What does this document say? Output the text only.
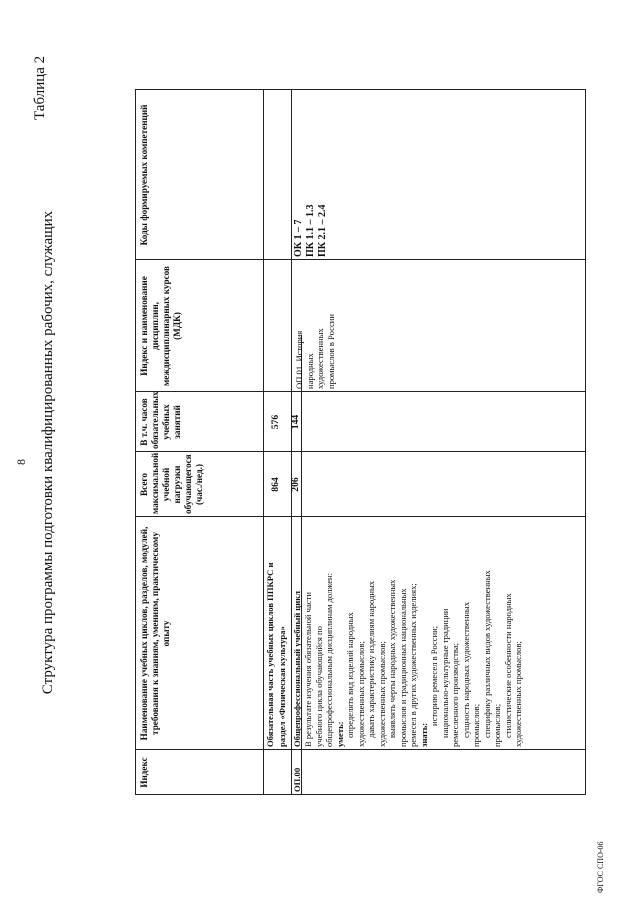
8
Таблица 2
Структура программы подготовки квалифицированных рабочих, служащих
ФГОС СПО-06
Индекс
Наименование учебных циклов, разделов, модулей, требования к знаниям, умениям, практическому опыту
Всего максимальной учебной нагрузки обучающегося (час./нед.)
В т.ч. часов обязательных учебных занятий
Индекс и наименование дисциплин, междисциплинарных курсов (МДК)
Коды формируемых компетенций
Обязательная часть учебных циклов ППКРС и раздел «Физическая культура»
864
576
ОП.00
Общепрофессиональный учебный цикл
206
144
В результате изучения обязательной части учебного цикла обучающийся по общепрофессиональным дисциплинам должен: уметь: определять вид изделий народных художественных промыслов; давать характеристику изделиям народных художественных промыслов; выявлять черты народных художественных промыслов и традиционных национальных ремесел в других художественных изделиях; знать:
историю ремесел в России; национально-культурные традиции ремесленного производства; сущность народных художественных промыслов; специфику различных видов художественных промыслов; стилистические особенности народных художественных промыслов;
ОП.01. История народных художественных промыслов в России
ОК 1 – 7 ПК 1.1 – 1.3 ПК 2.1 – 2.4
